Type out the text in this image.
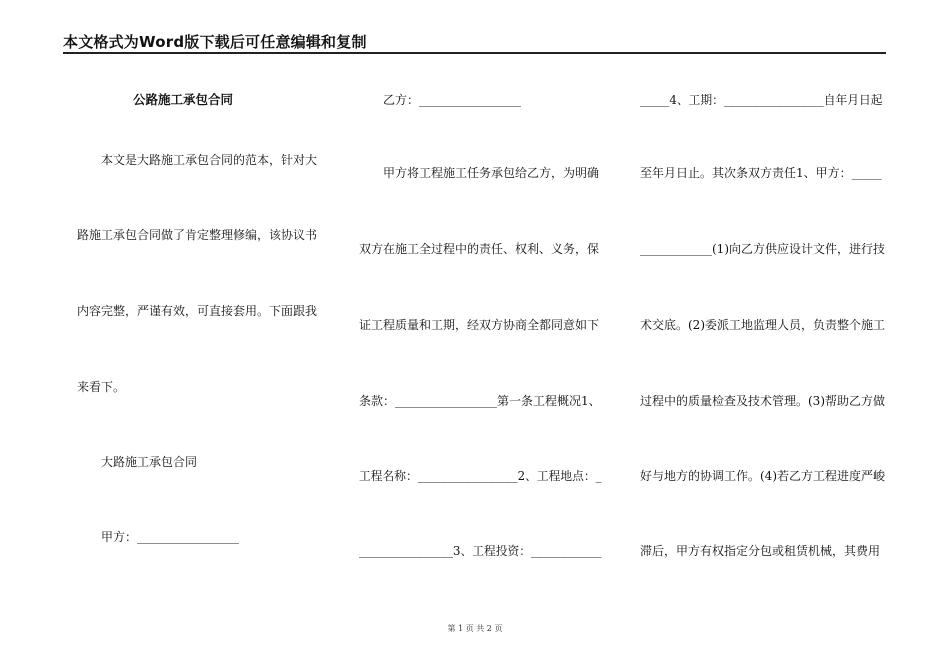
本文格式为Word版下载后可任意编辑和复制
公路施工承包合同
本文是大路施工承包合同的范本，针对大
路施工承包合同做了肯定整理修编，该协议书
内容完整，严谨有效，可直接套用。下面跟我
来看下。
大路施工承包合同
甲方：_________________
乙方：_________________
甲方将工程施工任务承包给乙方，为明确
双方在施工全过程中的责任、权利、义务，保
证工程质量和工期，经双方协商全都同意如下
条款：_________________第一条工程概况1、
工程名称：_________________2、工程地点：_
________________3、工程投资：____________
_____4、工期：_________________自年月日起
至年月日止。其次条双方责任1、甲方：_____
____________(1)向乙方供应设计文件，进行技
术交底。(2)委派工地监理人员，负责整个施工
过程中的质量检查及技术管理。(3)帮助乙方做
好与地方的协调工作。(4)若乙方工程进度严峻
滞后，甲方有权指定分包或租赁机械，其费用
第 1 页 共 2 页
